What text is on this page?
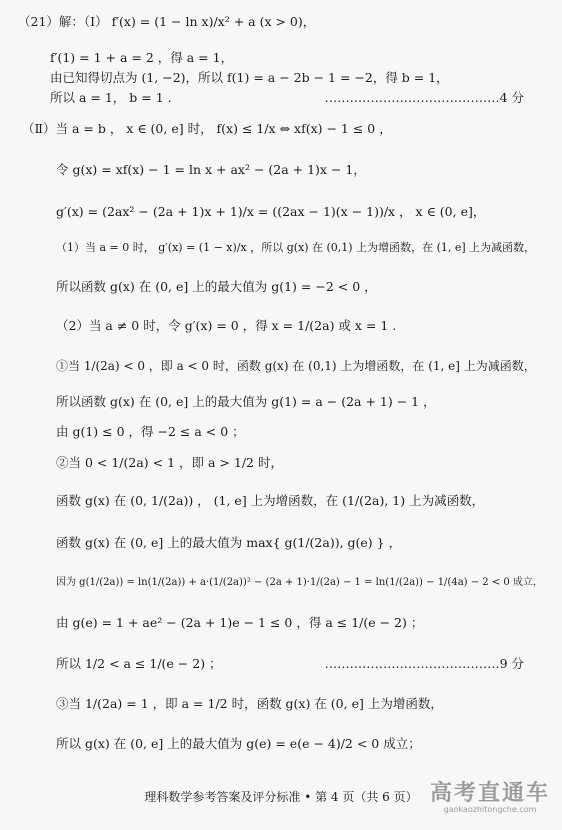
（21）解：（Ⅰ） f′(x) = (1 − ln x)/x² + a (x > 0)，
f′(1) = 1 + a = 2 ，得 a = 1，
由已知得切点为 (1, −2)，所以 f(1) = a − 2b − 1 = −2，得 b = 1，
所以 a = 1， b = 1 .
（Ⅱ）当 a = b ， x ∈ (0, e] 时， f(x) ≤ 1/x ⇔ xf(x) − 1 ≤ 0 ，
令 g(x) = xf(x) − 1 = ln x + ax² − (2a + 1)x − 1，
g′(x) = (2ax² − (2a + 1)x + 1)/x = ((2ax − 1)(x − 1))/x ， x ∈ (0, e]，
（1）当 a = 0 时， g′(x) = (1 − x)/x ，所以 g(x) 在 (0,1) 上为增函数，在 (1, e] 上为减函数，
所以函数 g(x) 在 (0, e] 上的最大值为 g(1) = −2 < 0 ，
（2）当 a ≠ 0 时，令 g′(x) = 0 ，得 x = 1/(2a) 或 x = 1 .
①当 1/(2a) < 0 ，即 a < 0 时，函数 g(x) 在 (0,1) 上为增函数，在 (1, e] 上为减函数，
所以函数 g(x) 在 (0, e] 上的最大值为 g(1) = a − (2a + 1) − 1 ，
由 g(1) ≤ 0 ，得 −2 ≤ a < 0 ；
②当 0 < 1/(2a) < 1 ，即 a > 1/2 时，
函数 g(x) 在 (0, 1/(2a)) ， (1, e] 上为增函数，在 (1/(2a), 1) 上为减函数，
函数 g(x) 在 (0, e] 上的最大值为 max{ g(1/(2a)), g(e) } ，
因为 g(1/(2a)) = ln(1/(2a)) + a·(1/(2a))² − (2a + 1)·1/(2a) − 1 = ln(1/(2a)) − 1/(4a) − 2 < 0 成立，
由 g(e) = 1 + ae² − (2a + 1)e − 1 ≤ 0 ，得 a ≤ 1/(e − 2) ；
所以 1/2 < a ≤ 1/(e − 2) ；
③当 1/(2a) = 1 ，即 a = 1/2 时，函数 g(x) 在 (0, e] 上为增函数，
所以 g(x) 在 (0, e] 上的最大值为 g(e) = e(e − 4)/2 < 0 成立；
……………………………………4 分
……………………………………9 分
理科数学参考答案及评分标准 • 第 4 页（共 6 页） 高考直通车
gaokaozhitongche.com
